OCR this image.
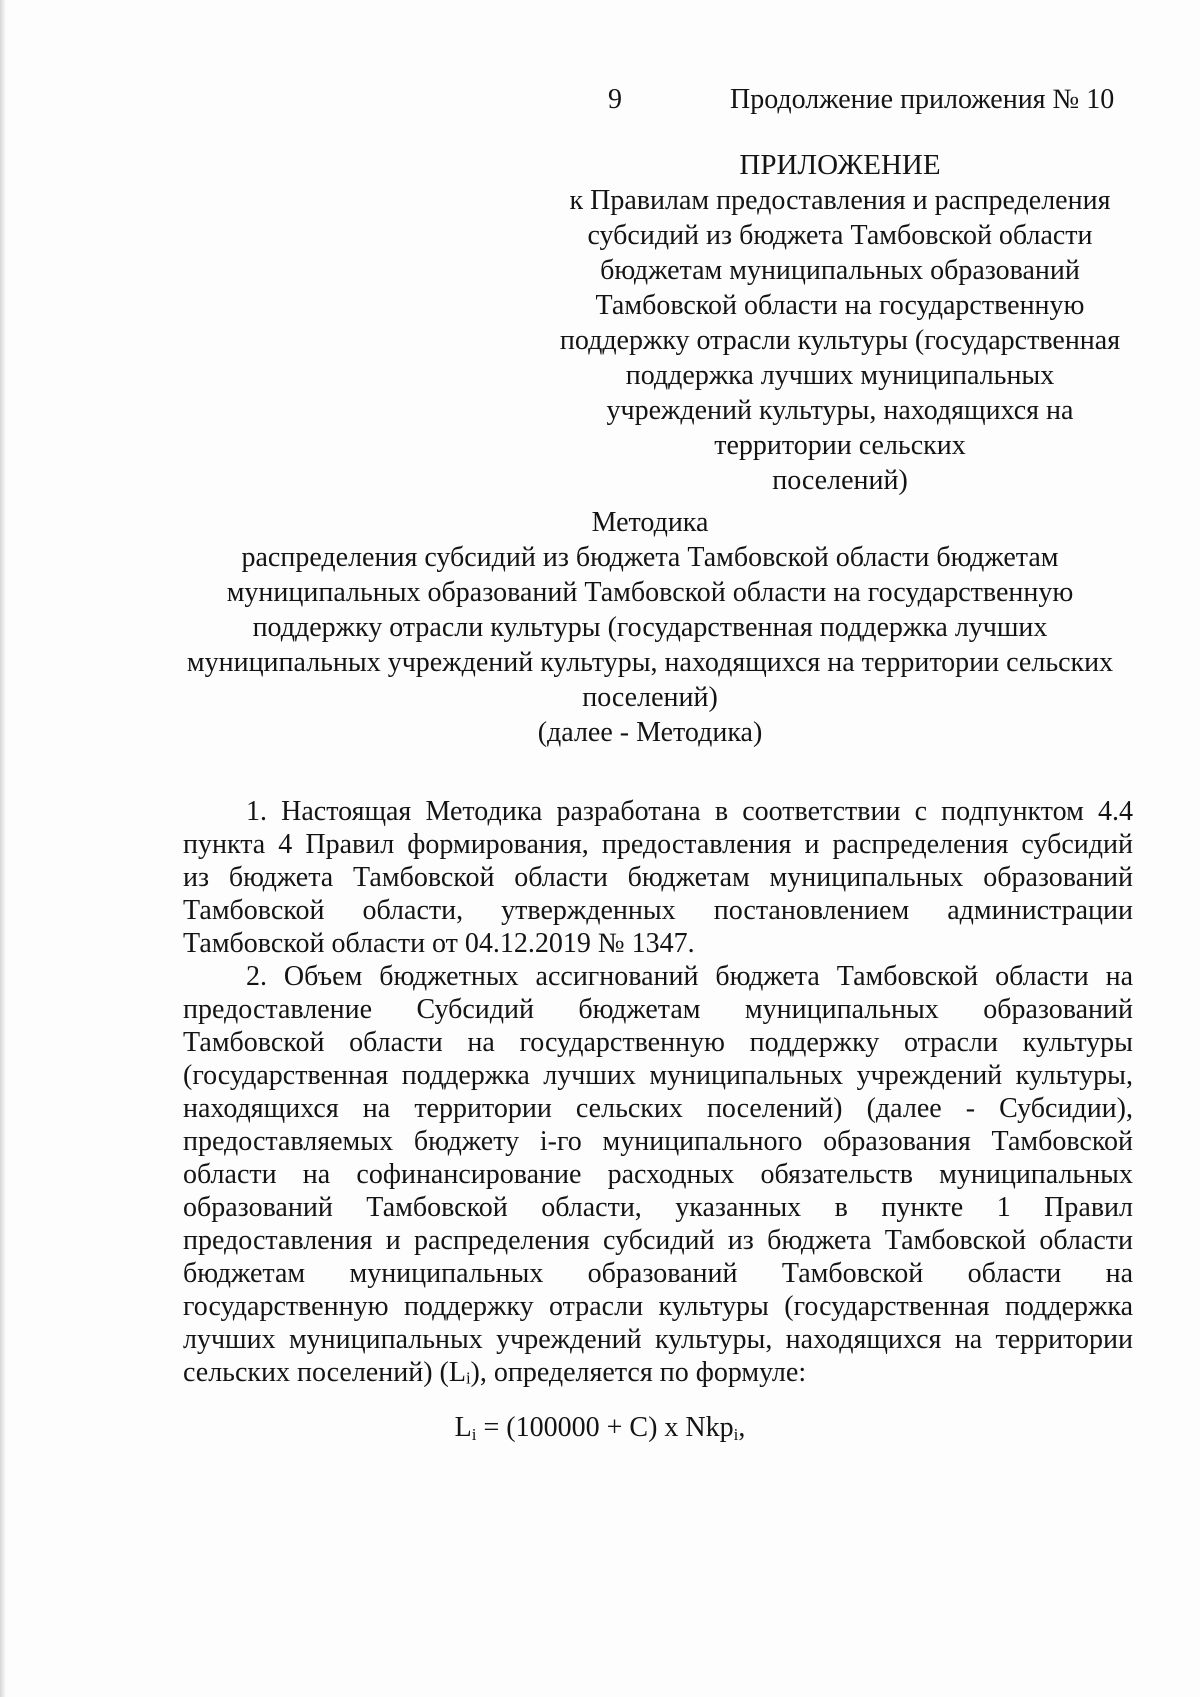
9	Продолжение приложения № 10
ПРИЛОЖЕНИЕ
к Правилам предоставления и распределения
субсидий из бюджета Тамбовской области
бюджетам муниципальных образований
Тамбовской области на государственную
поддержку отрасли культуры (государственная
поддержка лучших муниципальных
учреждений культуры, находящихся на
территории сельских
поселений)
Методика
распределения субсидий из бюджета Тамбовской области бюджетам
муниципальных образований Тамбовской области на государственную
поддержку отрасли культуры (государственная поддержка лучших
муниципальных учреждений культуры, находящихся на территории сельских
поселений)
(далее - Методика)

1. Настоящая Методика разработана в соответствии с подпунктом 4.4
пункта 4 Правил формирования, предоставления и распределения субсидий
из бюджета Тамбовской области бюджетам муниципальных образований
Тамбовской области, утвержденных постановлением администрации
Тамбовской области от 04.12.2019 № 1347.

2. Объем бюджетных ассигнований бюджета Тамбовской области на
предоставление Субсидий бюджетам муниципальных образований
Тамбовской области на государственную поддержку отрасли культуры
(государственная поддержка лучших муниципальных учреждений культуры,
находящихся на территории сельских поселений) (далее - Субсидии),
предоставляемых бюджету i-го муниципального образования Тамбовской
области на софинансирование расходных обязательств муниципальных
образований Тамбовской области, указанных в пункте 1 Правил
предоставления и распределения субсидий из бюджета Тамбовской области
бюджетам муниципальных образований Тамбовской области на
государственную поддержку отрасли культуры (государственная поддержка
лучших муниципальных учреждений культуры, находящихся на территории
сельских поселений) (Lᵢ), определяется по формуле:

$L_i = (100000 + C)$ x Nkp$_i$,
